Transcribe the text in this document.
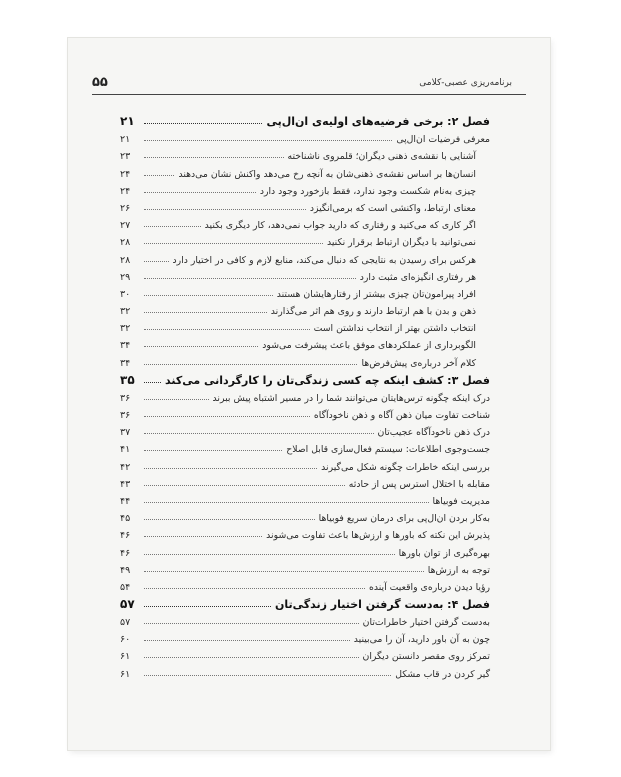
برنامه‌ریزی عصبی-کلامی
۵۵
فصل ۲: برخی فرضیه‌های اولیه‌ی ان‌ال‌پی
۲۱
معرفی فرضیات ان‌ال‌پی
۲۱
آشنایی با نقشه‌ی ذهنی دیگران؛ قلمروی ناشناخته
۲۳
انسان‌ها بر اساس نقشه‌ی ذهنی‌شان به آنچه رخ می‌دهد واکنش نشان می‌دهند
۲۴
چیزی به‌نام شکست وجود ندارد، فقط بازخورد وجود دارد
۲۴
معنای ارتباط، واکنشی است که برمی‌انگیزد
۲۶
اگر کاری که می‌کنید و رفتاری که دارید جواب نمی‌دهد، کار دیگری بکنید
۲۷
نمی‌توانید با دیگران ارتباط برقرار نکنید
۲۸
هرکس برای رسیدن به نتایجی که دنبال می‌کند، منابع لازم و کافی در اختیار دارد
۲۸
هر رفتاری انگیزه‌ای مثبت دارد
۲۹
افراد پیرامون‌تان چیزی بیشتر از رفتارهایشان هستند
۳۰
ذهن و بدن با هم ارتباط دارند و روی هم اثر می‌گذارند
۳۲
انتخاب داشتن بهتر از انتخاب نداشتن است
۳۲
الگوبرداری از عملکردهای موفق باعث پیشرفت می‌شود
۳۴
کلام آخر درباره‌ی پیش‌فرض‌ها
۳۴
فصل ۳: کشف اینکه چه کسی زندگی‌تان را کارگردانی می‌کند
۳۵
درک اینکه چگونه ترس‌هایتان می‌توانند شما را در مسیر اشتباه پیش ببرند
۳۶
شناخت تفاوت میان ذهن آگاه و ذهن ناخودآگاه
۳۶
درک ذهن ناخودآگاه عجیب‌تان
۳۷
جست‌وجوی اطلاعات: سیستم فعال‌سازی قابل اصلاح
۴۱
بررسی اینکه خاطرات چگونه شکل می‌گیرند
۴۲
مقابله با اختلال استرس پس از حادثه
۴۳
مدیریت فوبیاها
۴۴
به‌کار بردن ان‌ال‌پی برای درمان سریع فوبیاها
۴۵
پذیرش این نکته که باورها و ارزش‌ها باعث تفاوت می‌شوند
۴۶
بهره‌گیری از توان باورها
۴۶
توجه به ارزش‌ها
۴۹
رؤیا دیدن درباره‌ی واقعیت آینده
۵۴
فصل ۴: به‌دست گرفتن اختیار زندگی‌تان
۵۷
به‌دست گرفتن اختیار خاطرات‌تان
۵۷
چون به آن باور دارید، آن را می‌بینید
۶۰
تمرکز روی مقصر دانستن دیگران
۶۱
گیر کردن در قاب مشکل
۶۱
